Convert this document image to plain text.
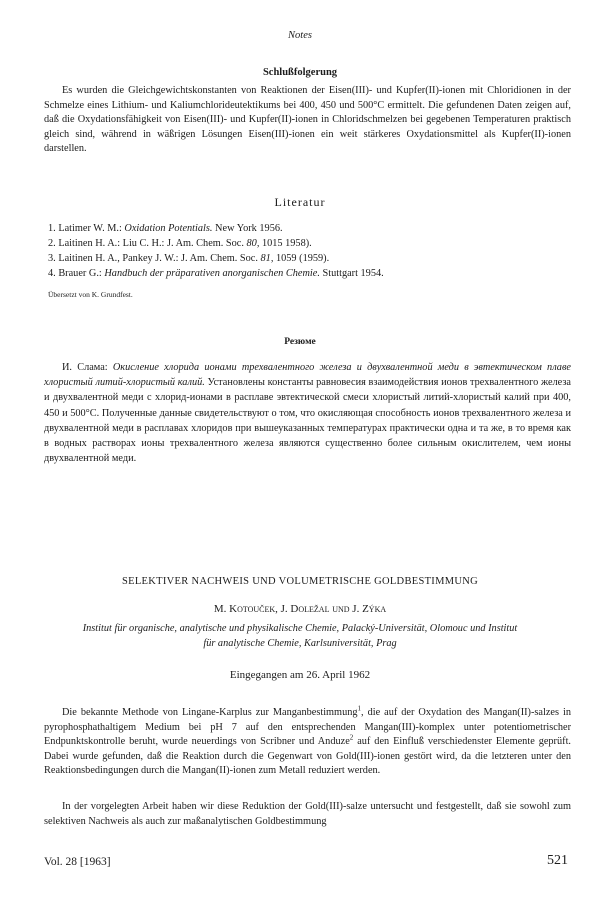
Notes
Schlußfolgerung

Es wurden die Gleichgewichtskonstanten von Reaktionen der Eisen(III)- und Kupfer(II)-ionen mit Chloridionen in der Schmelze eines Lithium- und Kaliumchlorideutektikums bei 400, 450 und 500°C ermittelt. Die gefundenen Daten zeigen auf, daß die Oxydationsfähigkeit von Eisen(III)- und Kupfer(II)-ionen in Chloridschmelzen bei gegebenen Temperaturen praktisch gleich sind, während in wäßrigen Lösungen Eisen(III)-ionen ein weit stärkeres Oxydationsmittel als Kupfer(II)-ionen darstellen.

Literatur
1. Latimer W. M.: Oxidation Potentials. New York 1956.
2. Laitinen H. A.: Liu C. H.: J. Am. Chem. Soc. 80, 1015 1958).
3. Laitinen H. A., Pankey J. W.: J. Am. Chem. Soc. 81, 1059 (1959).
4. Brauer G.: Handbuch der präparativen anorganischen Chemie. Stuttgart 1954.
Übersetzt von K. Grundfest.
Резюме

И. Слама: Окисление хлорида ионами трехвалентного железа и двухвалентной меди в эвтектическом плаве хлористый литий-хлористый калий. Установлены константы равновесия взаимодействия ионов трехвалентного железа и двухвалентной меди с хлорид-ионами в расплаве эвтектической смеси хлористый литий-хлористый калий при 400, 450 и 500°C. Полученные данные свидетельствуют о том, что окисляющая способность ионов трехвалентного железа и двухвалентной меди в расплавах хлоридов при вышеуказанных температурах практически одна и та же, в то время как в водных растворах ионы трехвалентного железа являются существенно более сильным окислителем, чем ионы двухвалентной меди.

SELEKTIVER NACHWEIS UND VOLUMETRISCHE GOLDBESTIMMUNG
M. Kotouček, J. Doležal und J. Zýka
Institut für organische, analytische und physikalische Chemie, Palacký-Universität, Olomouc und Institut für analytische Chemie, Karlsuniversität, Prag
Eingegangen am 26. April 1962

Die bekannte Methode von Lingane-Karplus zur Manganbestimmung$^1$, die auf der Oxydation des Mangan(II)-salzes in pyrophosphathaltigem Medium bei pH 7 auf den entsprechenden Mangan(III)-komplex unter potentiometrischer Endpunktskontrolle beruht, wurde neuerdings von Scribner und Anduze$^2$ auf den Einfluß verschiedenster Elemente geprüft. Dabei wurde gefunden, daß die Reaktion durch die Gegenwart von Gold(III)-ionen gestört wird, da die letzteren unter den Reaktionsbedingungen durch die Mangan(II)-ionen zum Metall reduziert werden.

In der vorgelegten Arbeit haben wir diese Reduktion der Gold(III)-salze untersucht und festgestellt, daß sie sowohl zum selektiven Nachweis als auch zur maßanalytischen Goldbestimmung

Vol. 28 [1963]	521
